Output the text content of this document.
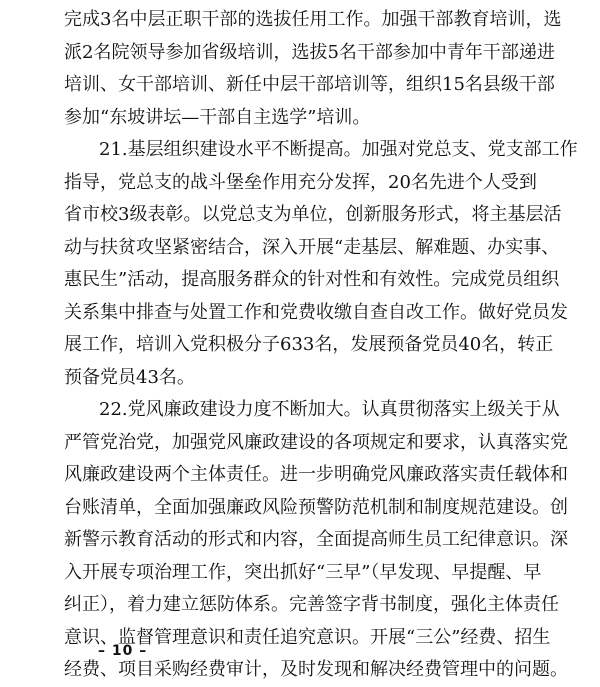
完成3名中层正职干部的选拔任用工作。加强干部教育培训，选
派2名院领导参加省级培训，选拔5名干部参加中青年干部递进
培训、女干部培训、新任中层干部培训等，组织15名县级干部
参加“东坡讲坛—干部自主选学”培训。
21.基层组织建设水平不断提高。加强对党总支、党支部工作
指导，党总支的战斗堡垒作用充分发挥，20名先进个人受到
省市校3级表彰。以党总支为单位，创新服务形式，将主基层活
动与扶贫攻坚紧密结合，深入开展“走基层、解难题、办实事、
惠民生”活动，提高服务群众的针对性和有效性。完成党员组织
关系集中排查与处置工作和党费收缴自查自改工作。做好党员发
展工作，培训入党积极分子633名，发展预备党员40名，转正
预备党员43名。
22.党风廉政建设力度不断加大。认真贯彻落实上级关于从
严管党治党，加强党风廉政建设的各项规定和要求，认真落实党
风廉政建设两个主体责任。进一步明确党风廉政落实责任载体和
台账清单，全面加强廉政风险预警防范机制和制度规范建设。创
新警示教育活动的形式和内容，全面提高师生员工纪律意识。深
入开展专项治理工作，突出抓好“三早”（早发现、早提醒、早
纠正），着力建立惩防体系。完善签字背书制度，强化主体责任
意识、监督管理意识和责任追究意识。开展“三公”经费、招生
经费、项目采购经费审计，及时发现和解决经费管理中的问题。
– 10 –
